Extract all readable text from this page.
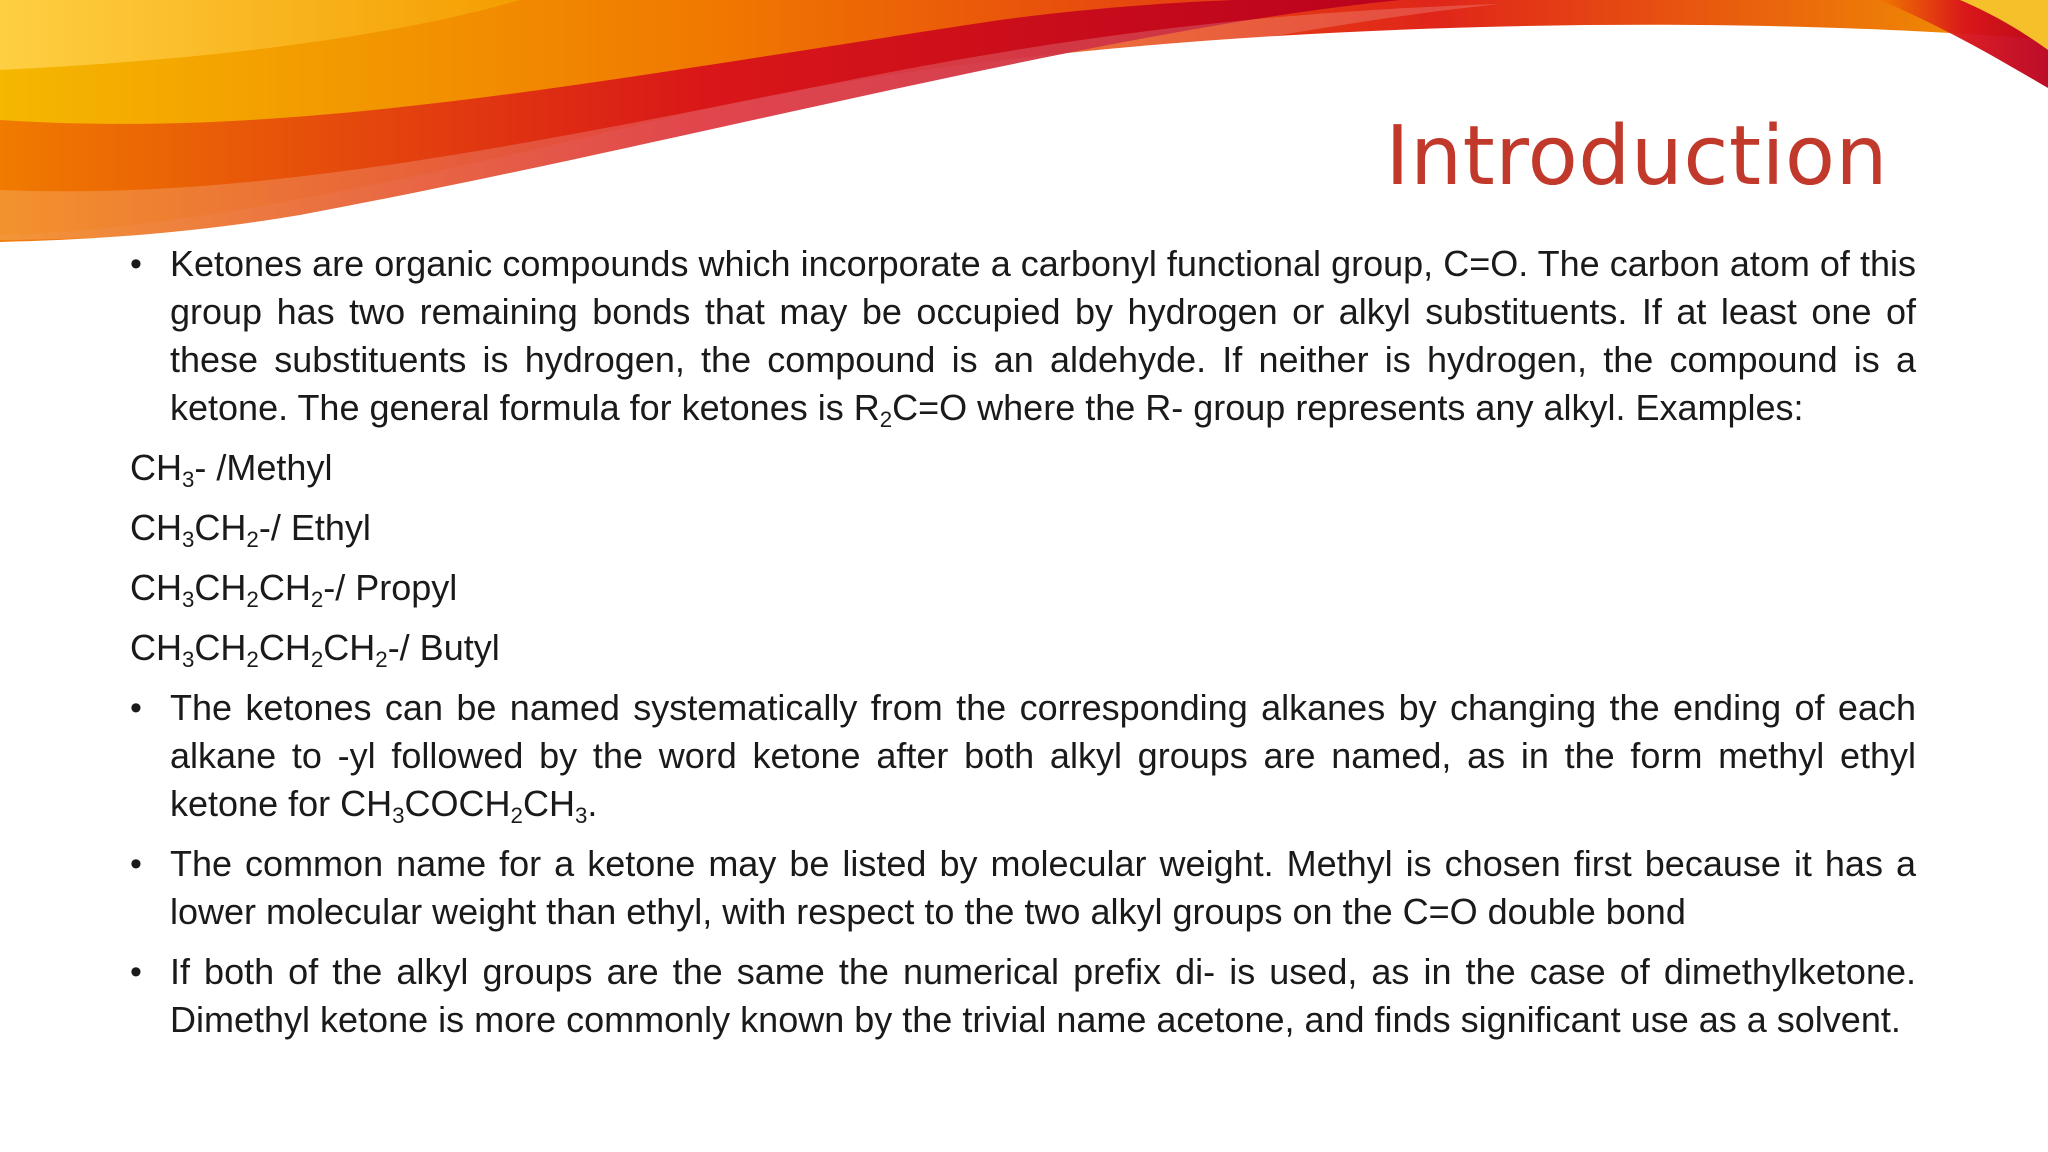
Introduction

• Ketones are organic compounds which incorporate a carbonyl functional group, C=O. The carbon atom of this group has two remaining bonds that may be occupied by hydrogen or alkyl substituents. If at least one of these substituents is hydrogen, the compound is an aldehyde. If neither is hydrogen, the compound is a ketone. The general formula for ketones is $R_2C=O$ where the R- group represents any alkyl. Examples:

$CH_3-$ /Methyl

$CH_3CH_2-/$ Ethyl

$CH_3CH_2CH_2-/$ Propyl

$CH_3CH_2CH_2CH_2-/$ Butyl

• The ketones can be named systematically from the corresponding alkanes by changing the ending of each alkane to -yl followed by the word ketone after both alkyl groups are named, as in the form methyl ethyl ketone for $CH_3COCH_2CH_3$.

• The common name for a ketone may be listed by molecular weight. Methyl is chosen first because it has a lower molecular weight than ethyl, with respect to the two alkyl groups on the C=O double bond

• If both of the alkyl groups are the same the numerical prefix di- is used, as in the case of dimethylketone. Dimethyl ketone is more commonly known by the trivial name acetone, and finds significant use as a solvent.
